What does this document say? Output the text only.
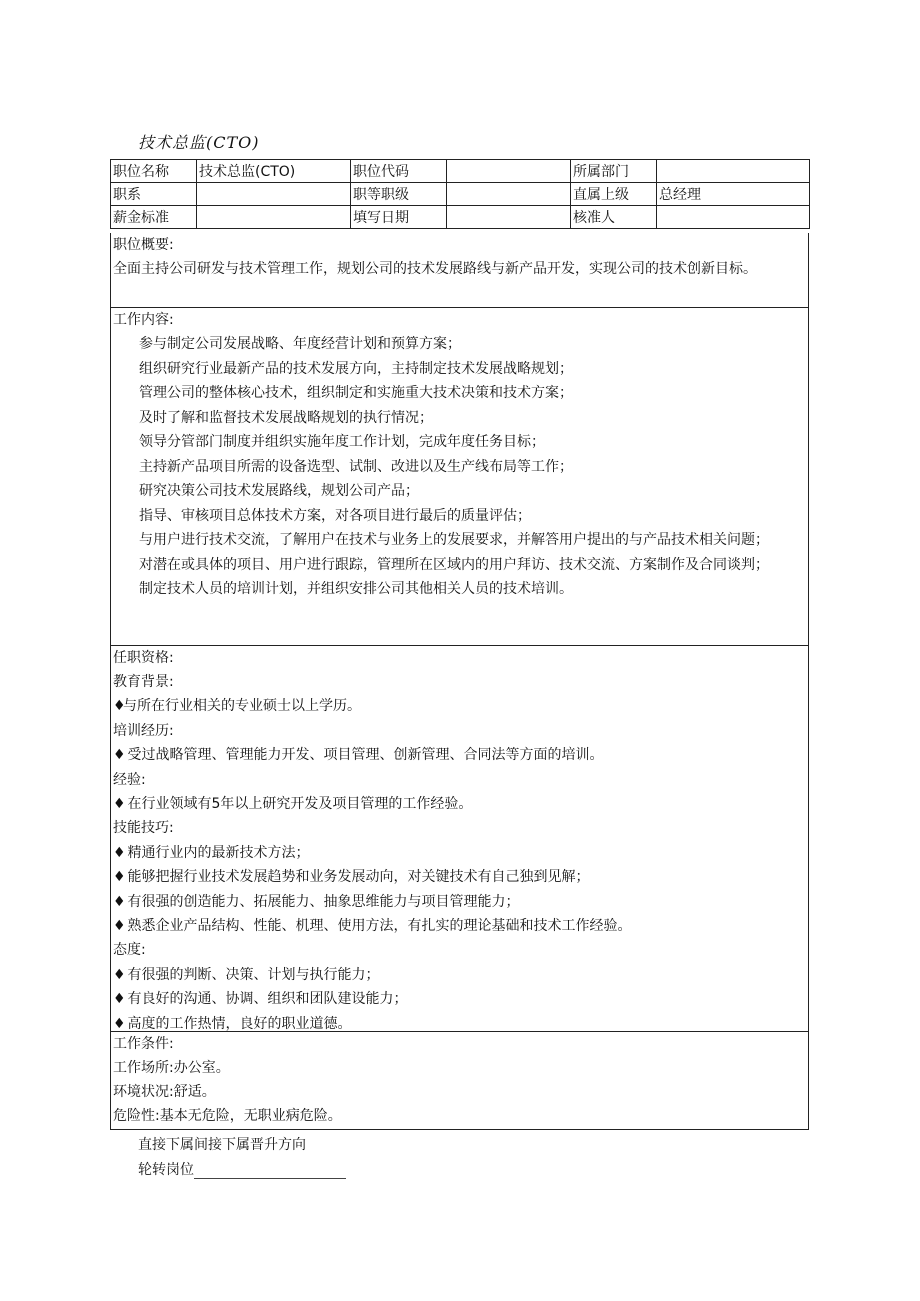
技术总监(CTO)
职位名称	技术总监(CTO)	职位代码		所属部门	
职系		职等职级		直属上级	总经理
薪金标准		填写日期		核准人	
职位概要:

全面主持公司研发与技术管理工作，规划公司的技术发展路线与新产品开发，实现公司的技术创新目标。

工作内容:

参与制定公司发展战略、年度经营计划和预算方案；

组织研究行业最新产品的技术发展方向，主持制定技术发展战略规划；

管理公司的整体核心技术，组织制定和实施重大技术决策和技术方案；

及时了解和监督技术发展战略规划的执行情况；

领导分管部门制度并组织实施年度工作计划，完成年度任务目标；

主持新产品项目所需的设备选型、试制、改进以及生产线布局等工作；

研究决策公司技术发展路线，规划公司产品；

指导、审核项目总体技术方案，对各项目进行最后的质量评估；

与用户进行技术交流，了解用户在技术与业务上的发展要求，并解答用户提出的与产品技术相关问题；

对潜在或具体的项目、用户进行跟踪，管理所在区域内的用户拜访、技术交流、方案制作及合同谈判；

制定技术人员的培训计划，并组织安排公司其他相关人员的技术培训。

任职资格:

教育背景:

♦与所在行业相关的专业硕士以上学历。

培训经历:

♦ 受过战略管理、管理能力开发、项目管理、创新管理、合同法等方面的培训。

经验:

♦ 在行业领域有5年以上研究开发及项目管理的工作经验。

技能技巧:

♦ 精通行业内的最新技术方法；

♦ 能够把握行业技术发展趋势和业务发展动向，对关键技术有自己独到见解；

♦ 有很强的创造能力、拓展能力、抽象思维能力与项目管理能力；

♦ 熟悉企业产品结构、性能、机理、使用方法，有扎实的理论基础和技术工作经验。

态度:

♦ 有很强的判断、决策、计划与执行能力；

♦ 有良好的沟通、协调、组织和团队建设能力；

♦ 高度的工作热情，良好的职业道德。

工作条件:

工作场所:办公室。

环境状况:舒适。

危险性:基本无危险，无职业病危险。

直接下属间接下属晋升方向
轮转岗位
